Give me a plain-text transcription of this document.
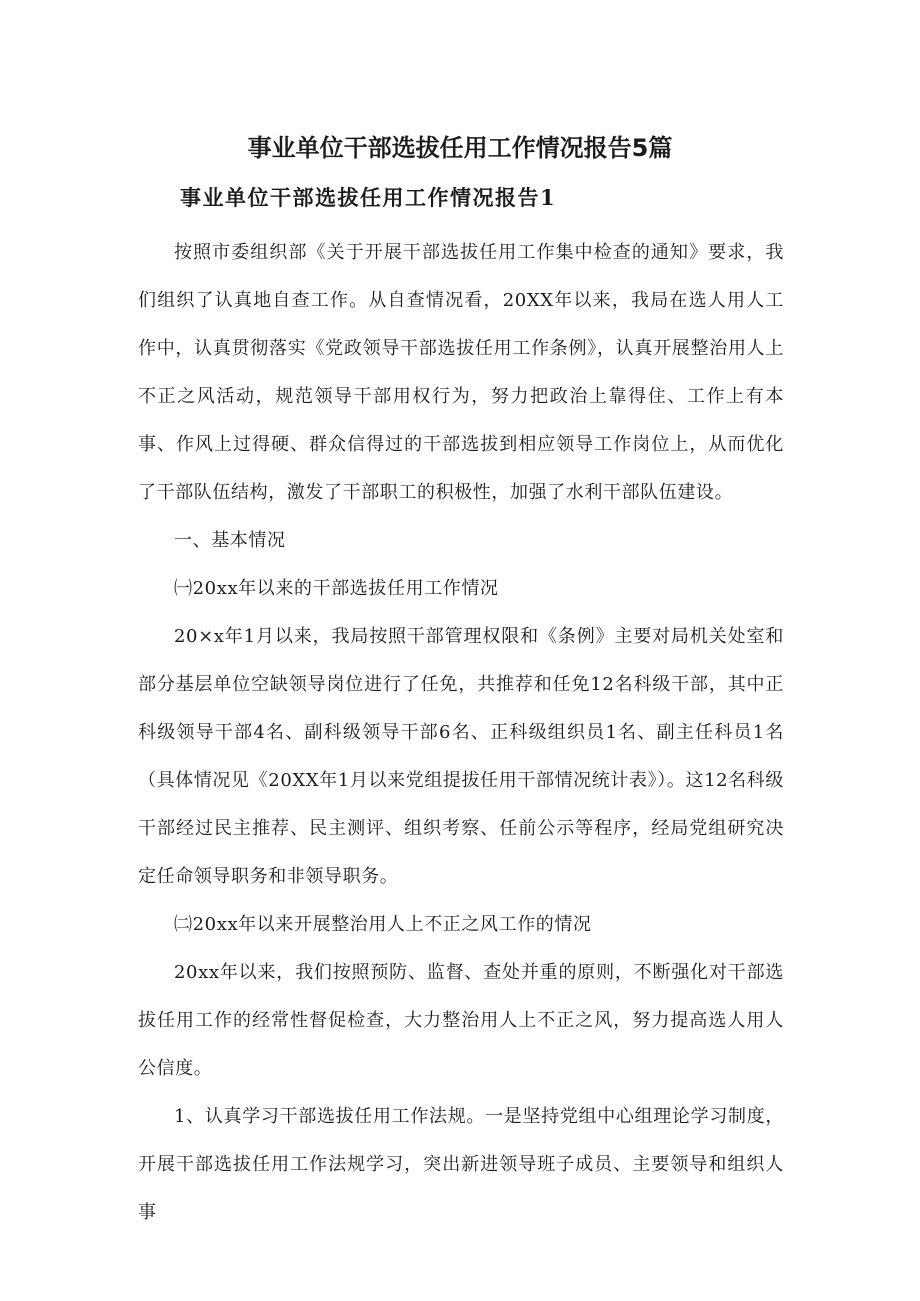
事业单位干部选拔任用工作情况报告5篇
事业单位干部选拔任用工作情况报告1

按照市委组织部《关于开展干部选拔任用工作集中检查的通知》要求，我们组织了认真地自查工作。从自查情况看，20XX年以来，我局在选人用人工作中，认真贯彻落实《党政领导干部选拔任用工作条例》，认真开展整治用人上不正之风活动，规范领导干部用权行为，努力把政治上靠得住、工作上有本事、作风上过得硬、群众信得过的干部选拔到相应领导工作岗位上，从而优化了干部队伍结构，激发了干部职工的积极性，加强了水利干部队伍建设。

一、基本情况

㈠20xx年以来的干部选拔任用工作情况

20×x年1月以来，我局按照干部管理权限和《条例》主要对局机关处室和部分基层单位空缺领导岗位进行了任免，共推荐和任免12名科级干部，其中正科级领导干部4名、副科级领导干部6名、正科级组织员1名、副主任科员1名（具体情况见《20XX年1月以来党组提拔任用干部情况统计表》）。这12名科级干部经过民主推荐、民主测评、组织考察、任前公示等程序，经局党组研究决定任命领导职务和非领导职务。

㈡20xx年以来开展整治用人上不正之风工作的情况

20xx年以来，我们按照预防、监督、查处并重的原则，不断强化对干部选拔任用工作的经常性督促检查，大力整治用人上不正之风，努力提高选人用人公信度。

1、认真学习干部选拔任用工作法规。一是坚持党组中心组理论学习制度，开展干部选拔任用工作法规学习，突出新进领导班子成员、主要领导和组织人事
